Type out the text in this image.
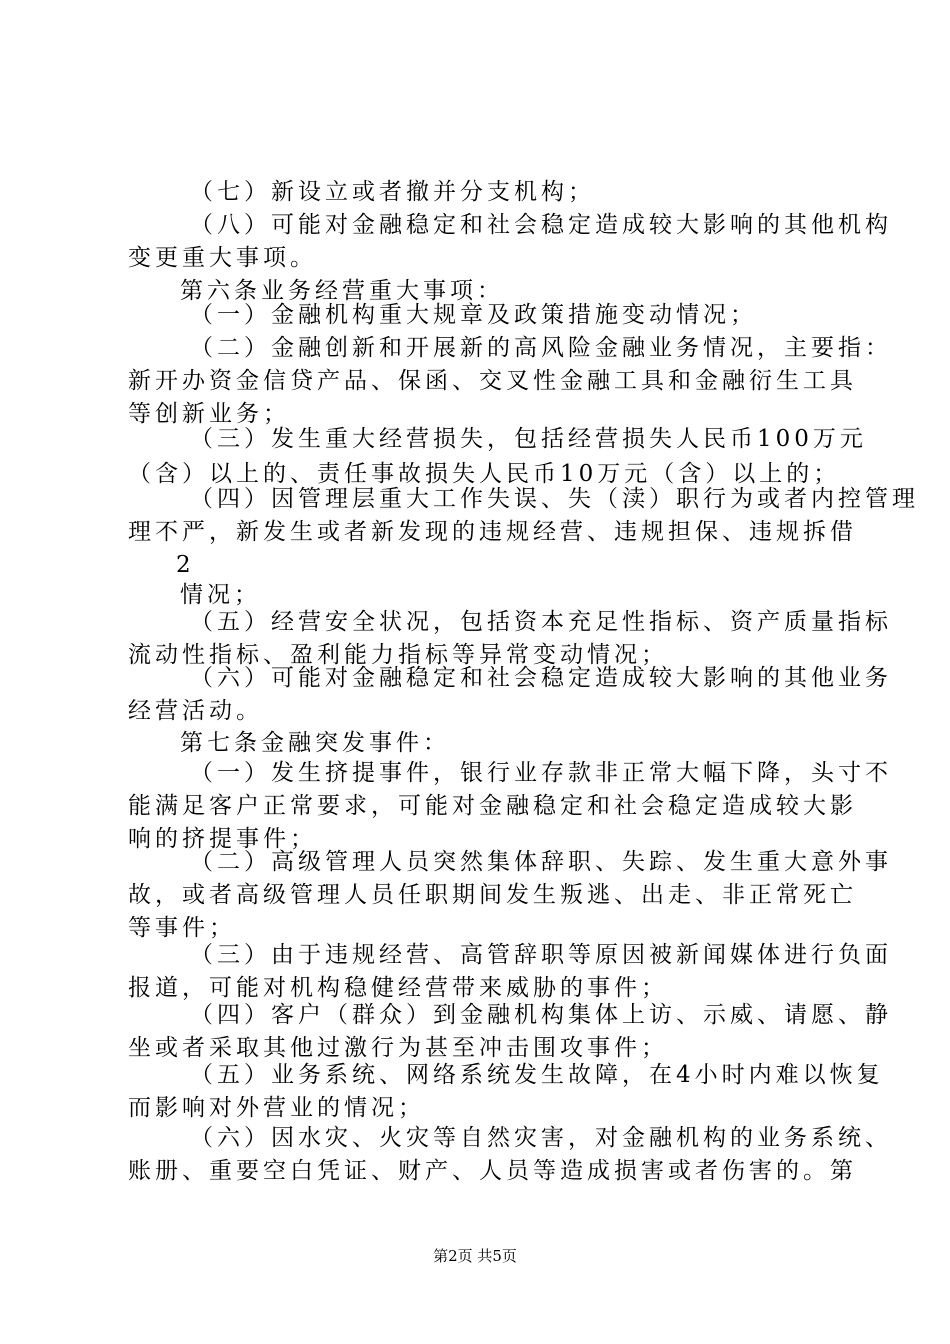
（七）新设立或者撤并分支机构；

（八）可能对金融稳定和社会稳定造成较大影响的其他机构

变更重大事项。

第六条业务经营重大事项：

（一）金融机构重大规章及政策措施变动情况；

（二）金融创新和开展新的高风险金融业务情况，主要指：

新开办资金信贷产品、保函、交叉性金融工具和金融衍生工具

等创新业务；

（三）发生重大经营损失，包括经营损失人民币100万元

（含）以上的、责任事故损失人民币10万元（含）以上的；

（四）因管理层重大工作失误、失（渎）职行为或者内控管理

理不严，新发生或者新发现的违规经营、违规担保、违规拆借

2

情况；

（五）经营安全状况，包括资本充足性指标、资产质量指标

流动性指标、盈利能力指标等异常变动情况；

（六）可能对金融稳定和社会稳定造成较大影响的其他业务

经营活动。

第七条金融突发事件：

（一）发生挤提事件，银行业存款非正常大幅下降，头寸不

能满足客户正常要求，可能对金融稳定和社会稳定造成较大影

响的挤提事件；

（二）高级管理人员突然集体辞职、失踪、发生重大意外事

故，或者高级管理人员任职期间发生叛逃、出走、非正常死亡

等事件；

（三）由于违规经营、高管辞职等原因被新闻媒体进行负面

报道，可能对机构稳健经营带来威胁的事件；

（四）客户（群众）到金融机构集体上访、示威、请愿、静

坐或者采取其他过激行为甚至冲击围攻事件；

（五）业务系统、网络系统发生故障，在4小时内难以恢复

而影响对外营业的情况；

（六）因水灾、火灾等自然灾害，对金融机构的业务系统、

账册、重要空白凭证、财产、人员等造成损害或者伤害的。第

第2页 共5页
